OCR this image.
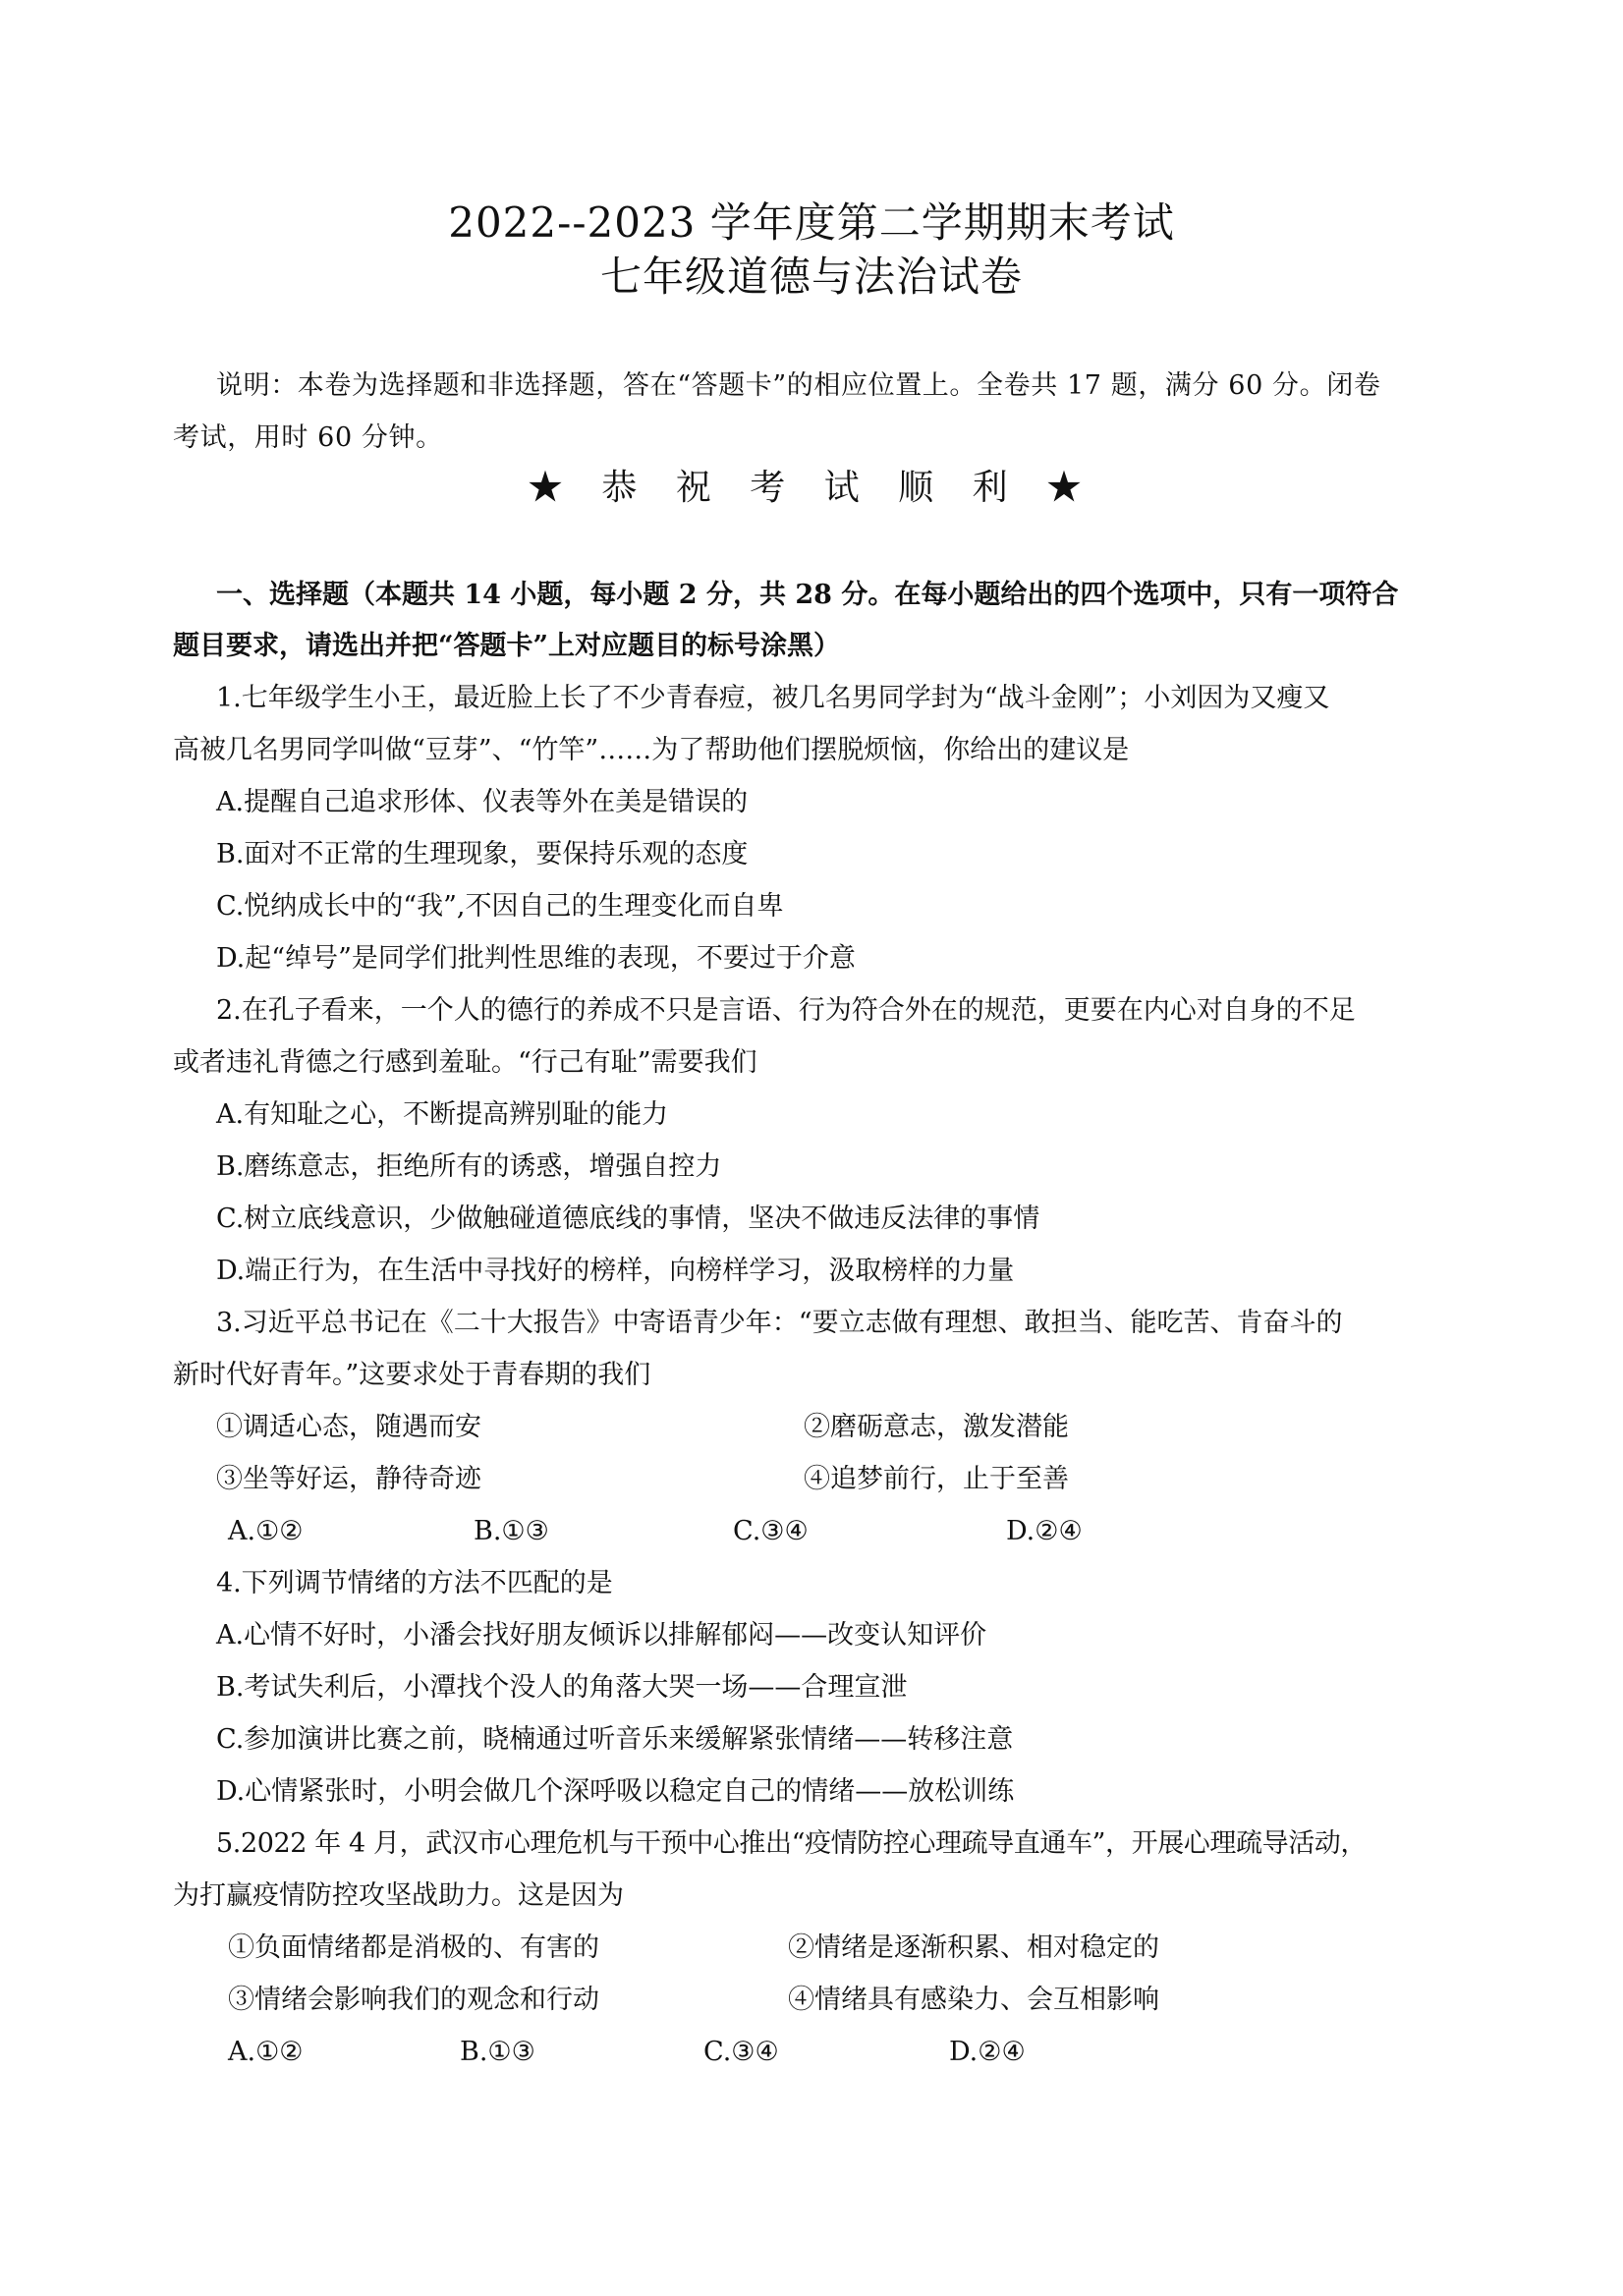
2022--2023 学年度第二学期期末考试
七年级道德与法治试卷
说明：本卷为选择题和非选择题，答在“答题卡”的相应位置上。全卷共 17 题，满分 60 分。闭卷
考试，用时 60 分钟。
★ 恭 祝 考 试 顺 利 ★
一、选择题（本题共 14 小题，每小题 2 分，共 28 分。在每小题给出的四个选项中，只有一项符合
题目要求，请选出并把“答题卡”上对应题目的标号涂黑）
1.七年级学生小王，最近脸上长了不少青春痘，被几名男同学封为“战斗金刚”；小刘因为又瘦又
高被几名男同学叫做“豆芽”、“竹竿”……为了帮助他们摆脱烦恼，你给出的建议是
A.提醒自己追求形体、仪表等外在美是错误的
B.面对不正常的生理现象，要保持乐观的态度
C.悦纳成长中的“我”,不因自己的生理变化而自卑
D.起“绰号”是同学们批判性思维的表现，不要过于介意
2.在孔子看来，一个人的德行的养成不只是言语、行为符合外在的规范，更要在内心对自身的不足
或者违礼背德之行感到羞耻。“行己有耻”需要我们
A.有知耻之心，不断提高辨别耻的能力
B.磨练意志，拒绝所有的诱惑，增强自控力
C.树立底线意识，少做触碰道德底线的事情，坚决不做违反法律的事情
D.端正行为，在生活中寻找好的榜样，向榜样学习，汲取榜样的力量
3.习近平总书记在《二十大报告》中寄语青少年：“要立志做有理想、敢担当、能吃苦、肯奋斗的
新时代好青年。”这要求处于青春期的我们
①调适心态，随遇而安	②磨砺意志，激发潜能
③坐等好运，静待奇迹	④追梦前行，止于至善
A.①②	B.①③	C.③④	D.②④
4.下列调节情绪的方法不匹配的是
A.心情不好时，小潘会找好朋友倾诉以排解郁闷——改变认知评价
B.考试失利后，小潭找个没人的角落大哭一场——合理宣泄
C.参加演讲比赛之前，晓楠通过听音乐来缓解紧张情绪——转移注意
D.心情紧张时，小明会做几个深呼吸以稳定自己的情绪——放松训练
5.2022 年 4 月，武汉市心理危机与干预中心推出“疫情防控心理疏导直通车”，开展心理疏导活动，
为打赢疫情防控攻坚战助力。这是因为
①负面情绪都是消极的、有害的	②情绪是逐渐积累、相对稳定的
③情绪会影响我们的观念和行动	④情绪具有感染力、会互相影响
A.①②	B.①③	C.③④	D.②④
